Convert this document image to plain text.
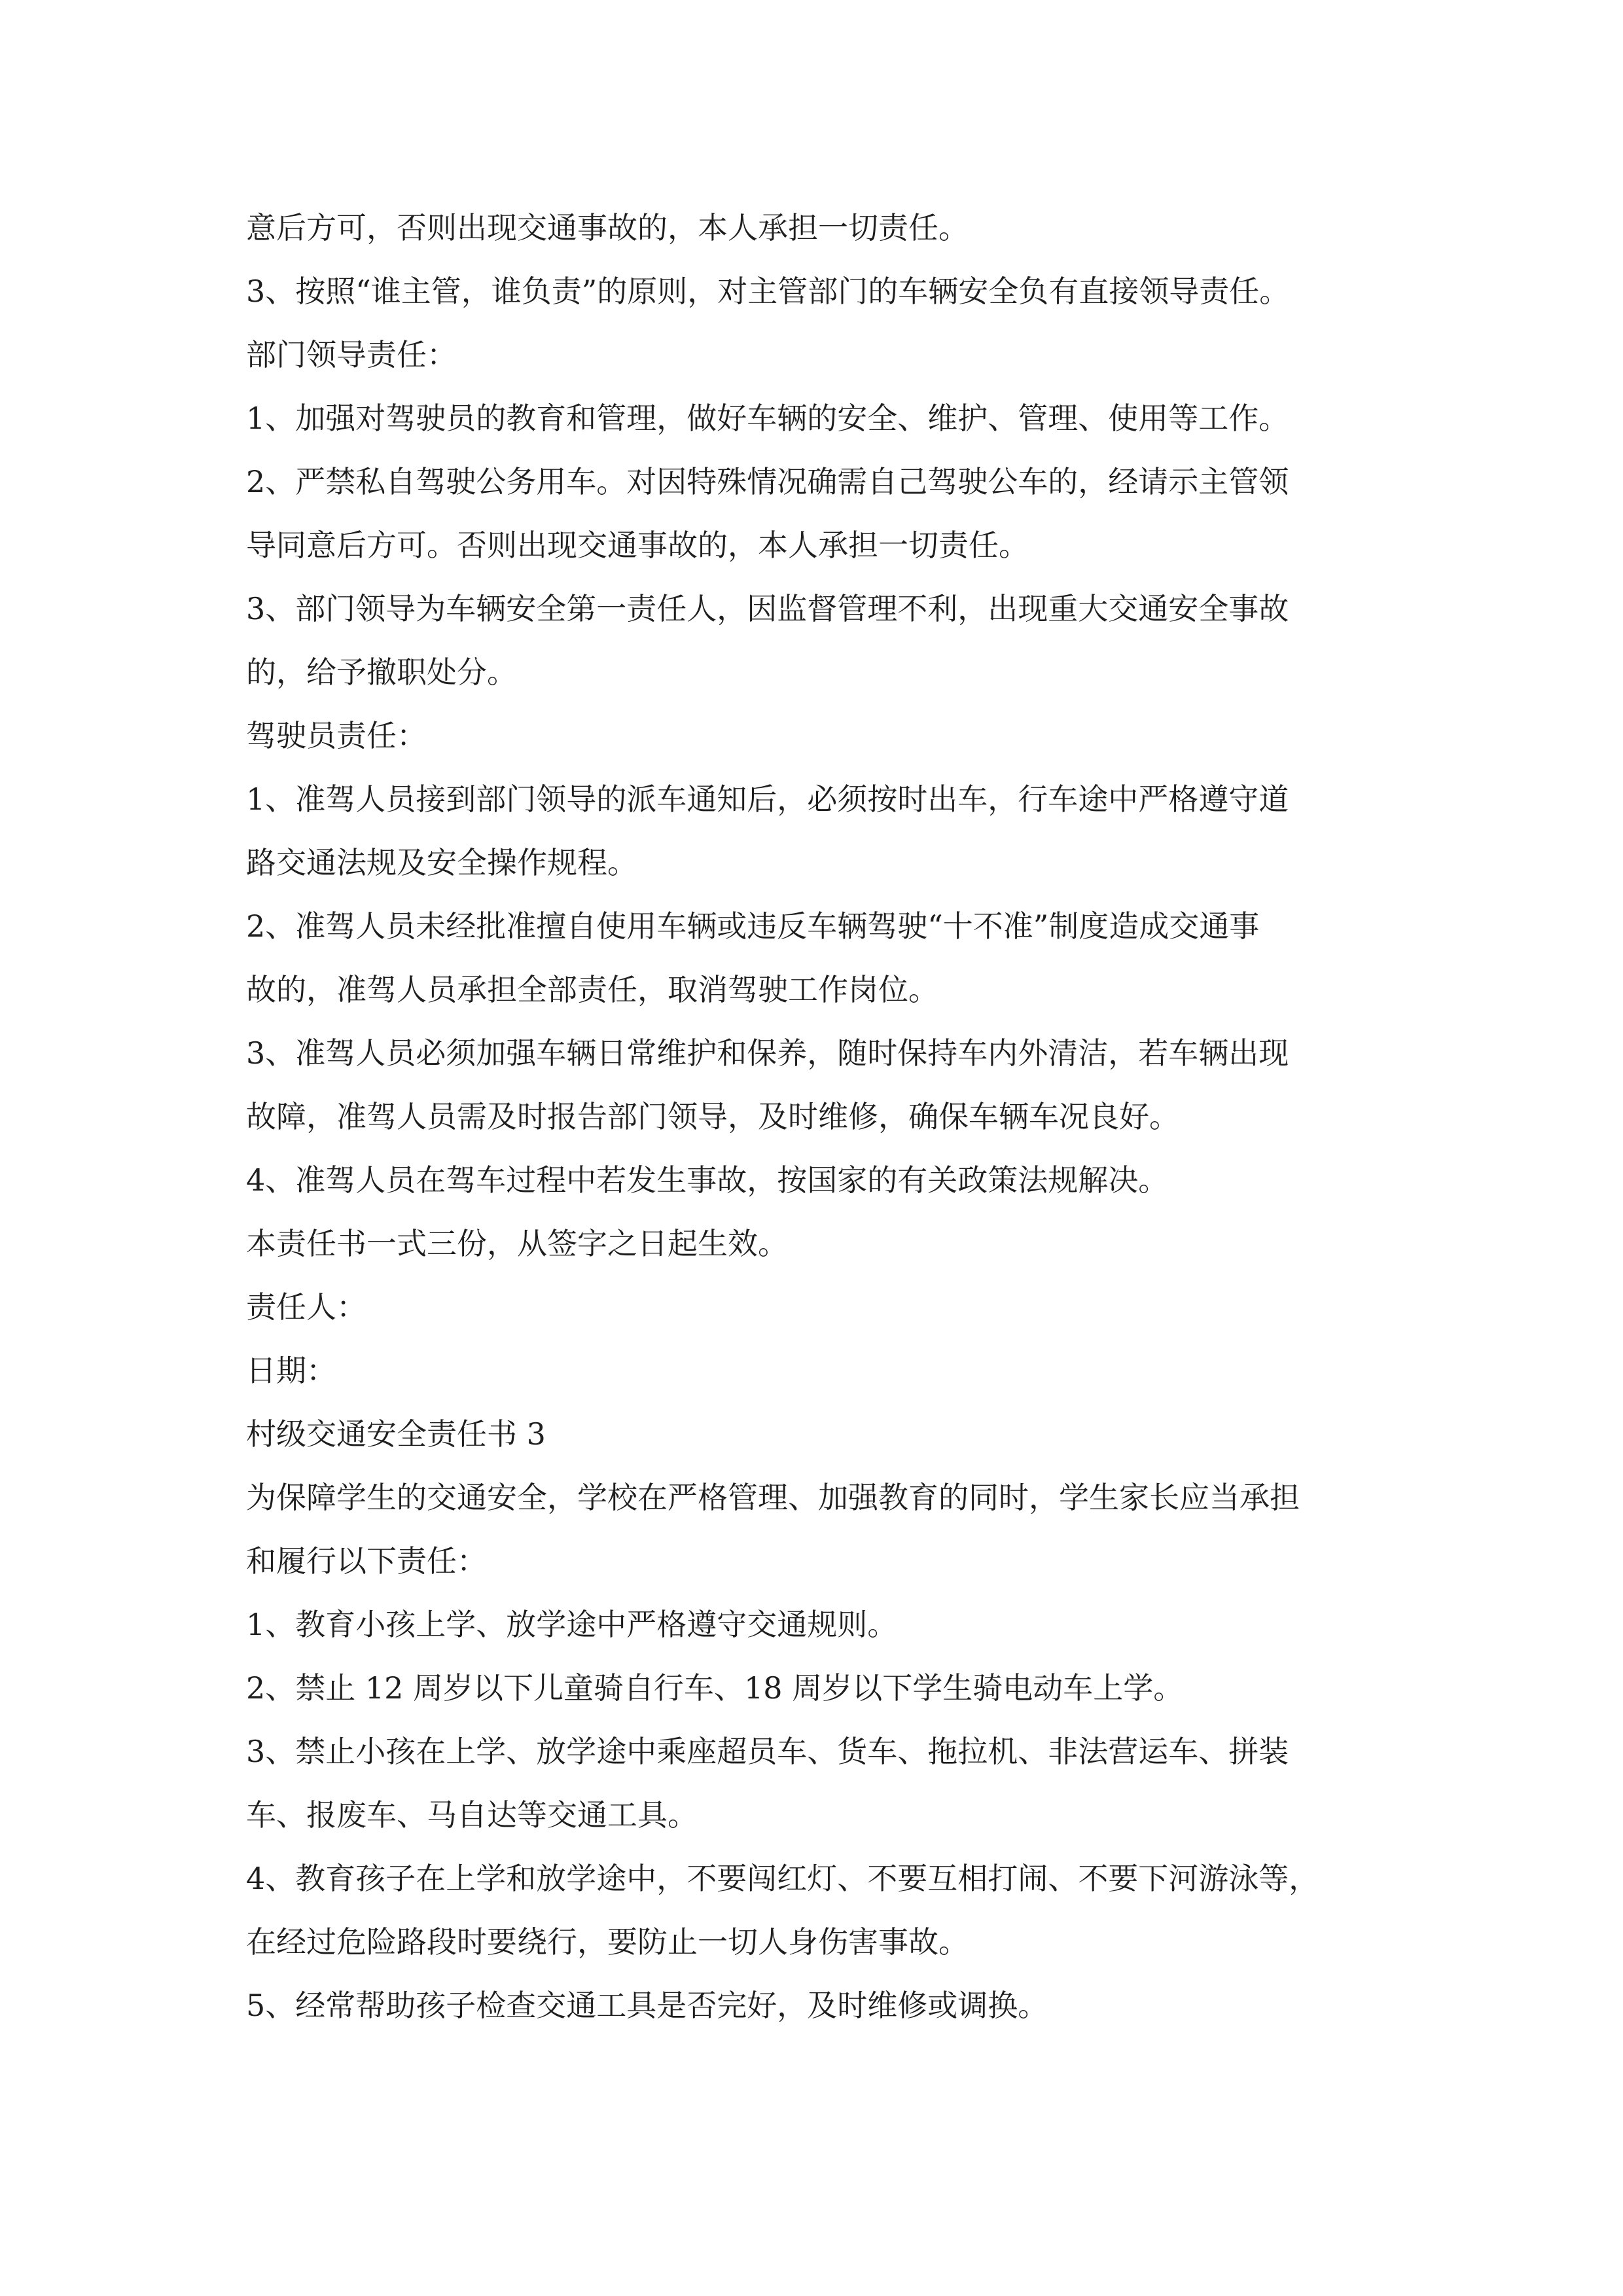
意后方可，否则出现交通事故的，本人承担一切责任。
3、按照“谁主管，谁负责”的原则，对主管部门的车辆安全负有直接领导责任。
部门领导责任：
1、加强对驾驶员的教育和管理，做好车辆的安全、维护、管理、使用等工作。
2、严禁私自驾驶公务用车。对因特殊情况确需自己驾驶公车的，经请示主管领
导同意后方可。否则出现交通事故的，本人承担一切责任。
3、部门领导为车辆安全第一责任人，因监督管理不利，出现重大交通安全事故
的，给予撤职处分。
驾驶员责任：
1、准驾人员接到部门领导的派车通知后，必须按时出车，行车途中严格遵守道
路交通法规及安全操作规程。
2、准驾人员未经批准擅自使用车辆或违反车辆驾驶“十不准”制度造成交通事
故的，准驾人员承担全部责任，取消驾驶工作岗位。
3、准驾人员必须加强车辆日常维护和保养，随时保持车内外清洁，若车辆出现
故障，准驾人员需及时报告部门领导，及时维修，确保车辆车况良好。
4、准驾人员在驾车过程中若发生事故，按国家的有关政策法规解决。
本责任书一式三份，从签字之日起生效。
责任人：
日期：
村级交通安全责任书 3
为保障学生的交通安全，学校在严格管理、加强教育的同时，学生家长应当承担
和履行以下责任：
1、教育小孩上学、放学途中严格遵守交通规则。
2、禁止 12 周岁以下儿童骑自行车、18 周岁以下学生骑电动车上学。
3、禁止小孩在上学、放学途中乘座超员车、货车、拖拉机、非法营运车、拼装
车、报废车、马自达等交通工具。
4、教育孩子在上学和放学途中，不要闯红灯、不要互相打闹、不要下河游泳等，
在经过危险路段时要绕行，要防止一切人身伤害事故。
5、经常帮助孩子检查交通工具是否完好，及时维修或调换。
